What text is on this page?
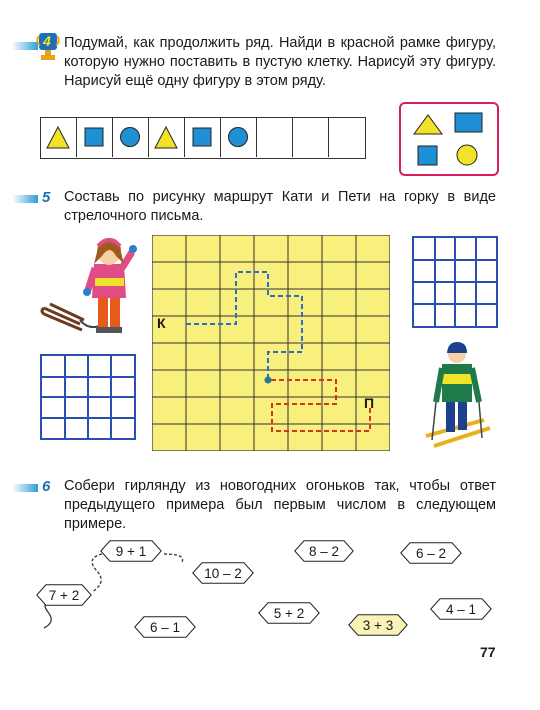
4 Подумай, как продолжить ряд. Найди в красной рамке фигуру, которую нужно поставить в пустую клетку. Нарисуй эту фигуру. Нарисуй ещё одну фигуру в этом ряду.
5 Составь по рисунку маршрут Кати и Пети на горку в виде стрелочного письма.
К
П
6 Собери гирлянду из новогодних огоньков так, чтобы ответ предыдущего примера был первым числом в следующем примере.
9 + 1
7 + 2
10 – 2
6 – 1
5 + 2
8 – 2
3 + 3
6 – 2
4 – 1
77
